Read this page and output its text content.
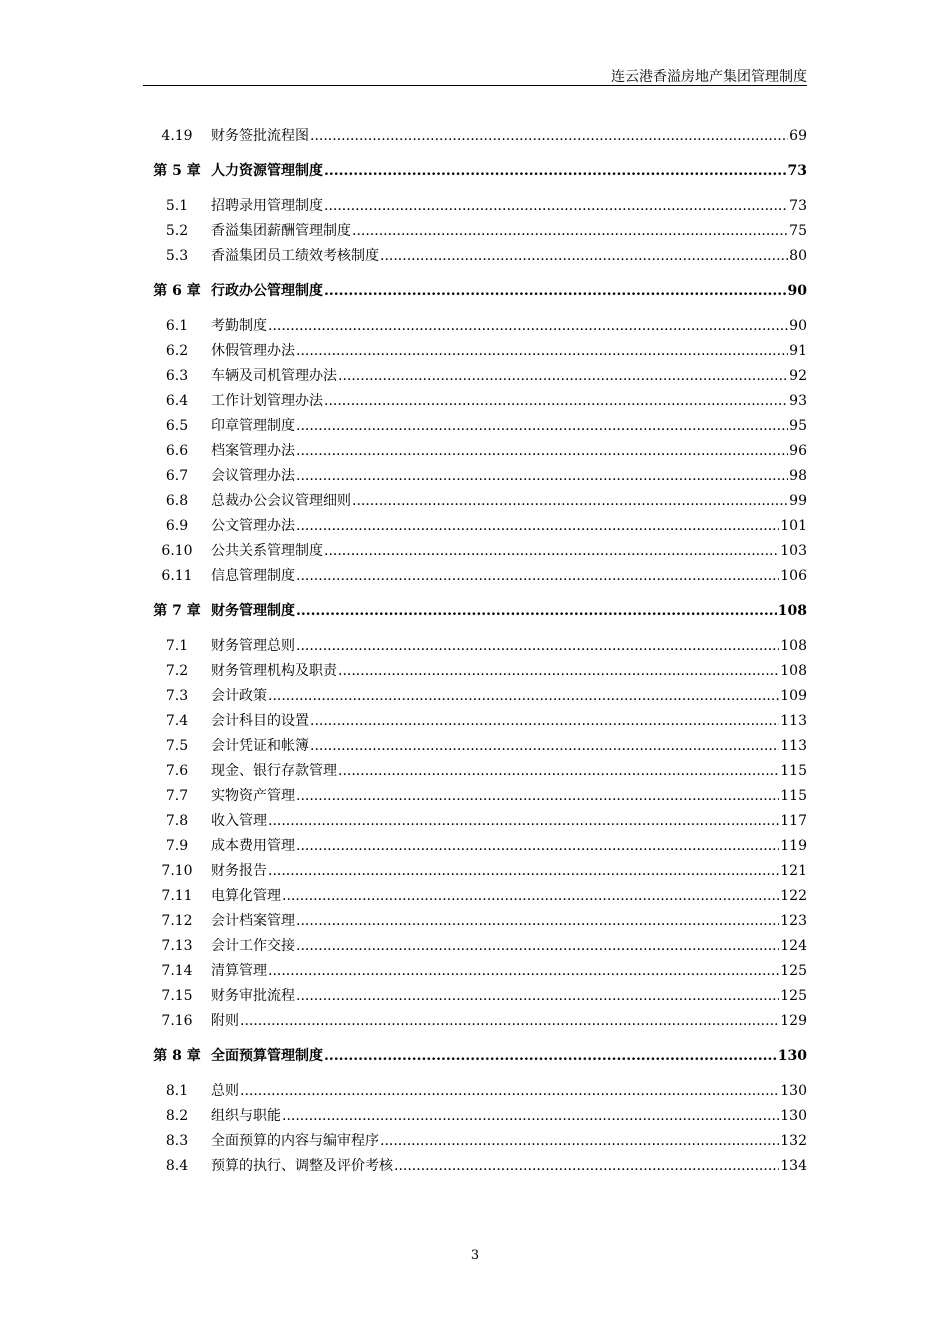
连云港香溢房地产集团管理制度
4.19	财务签批流程图 .....	69
第 5 章 人力资源管理制度 .....	73
5.1	招聘录用管理制度 .....	73
5.2	香溢集团薪酬管理制度 .....	75
5.3	香溢集团员工绩效考核制度 .....	80
第 6 章 行政办公管理制度 .....	90
6.1	考勤制度 .....	90
6.2	休假管理办法 .....	91
6.3	车辆及司机管理办法 .....	92
6.4	工作计划管理办法 .....	93
6.5	印章管理制度 .....	95
6.6	档案管理办法 .....	96
6.7	会议管理办法 .....	98
6.8	总裁办公会议管理细则 .....	99
6.9	公文管理办法 .....	101
6.10	公共关系管理制度 .....	103
6.11	信息管理制度 .....	106
第 7 章 财务管理制度 .....	108
7.1	财务管理总则 .....	108
7.2	财务管理机构及职责 .....	108
7.3	会计政策 .....	109
7.4	会计科目的设置 .....	113
7.5	会计凭证和帐簿 .....	113
7.6	现金、银行存款管理 .....	115
7.7	实物资产管理 .....	115
7.8	收入管理 .....	117
7.9	成本费用管理 .....	119
7.10	财务报告 .....	121
7.11	电算化管理 .....	122
7.12	会计档案管理 .....	123
7.13	会计工作交接 .....	124
7.14	清算管理 .....	125
7.15	财务审批流程 .....	125
7.16	附则 .....	129
第 8 章 全面预算管理制度 .....	130
8.1	总则 .....	130
8.2	组织与职能 .....	130
8.3	全面预算的内容与编审程序 .....	132
8.4	预算的执行、调整及评价考核 .....	134
3
